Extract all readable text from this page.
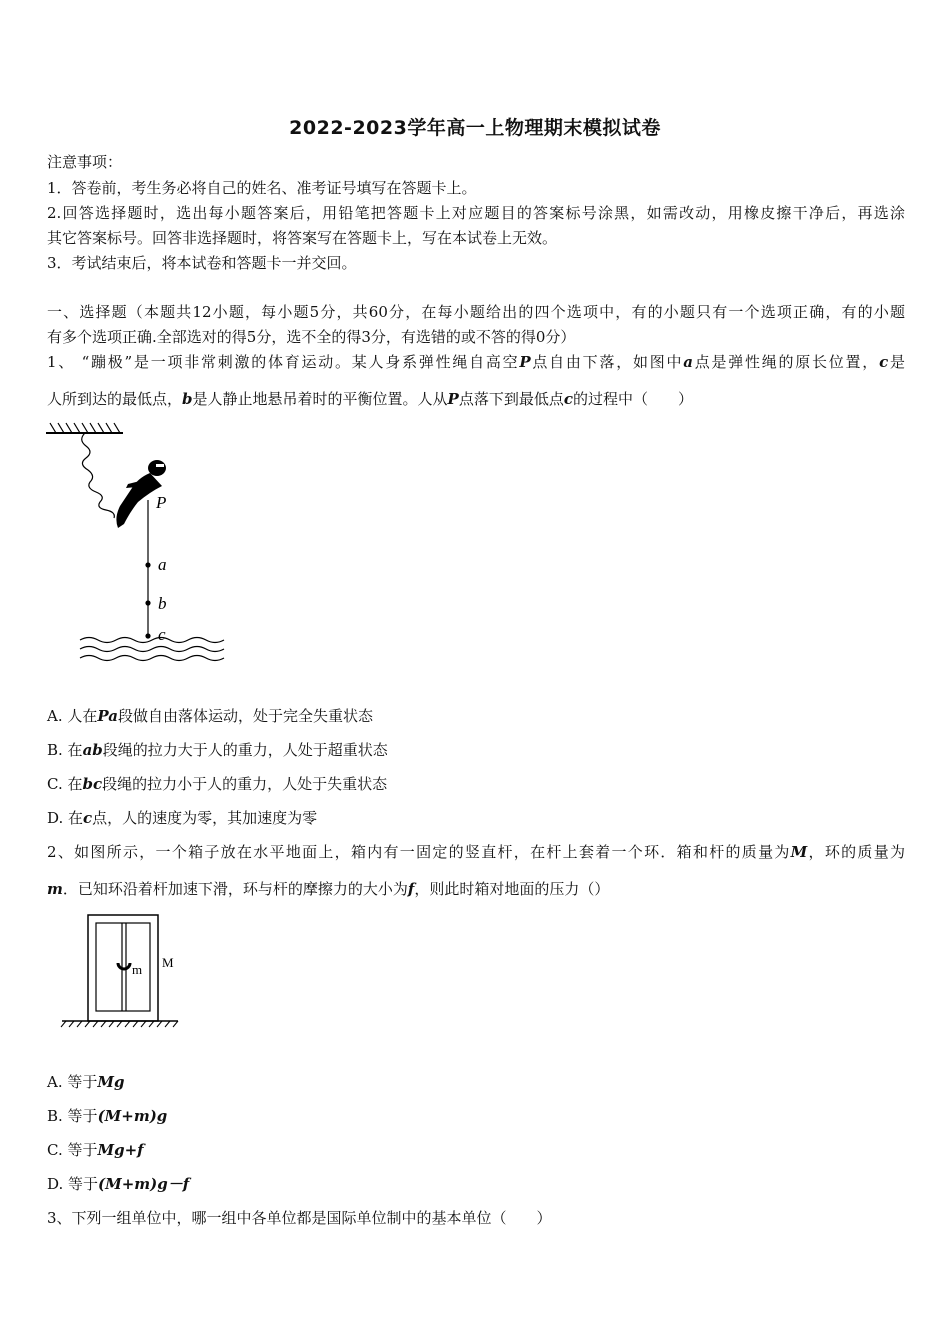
2022-2023学年高一上物理期末模拟试卷
注意事项：
1．答卷前，考生务必将自己的姓名、准考证号填写在答题卡上。
2.回答选择题时，选出每小题答案后，用铅笔把答题卡上对应题目的答案标号涂黑，如需改动，用橡皮擦干净后，再选涂
其它答案标号。回答非选择题时，将答案写在答题卡上，写在本试卷上无效。
3．考试结束后，将本试卷和答题卡一并交回。
一、选择题（本题共12小题，每小题5分，共60分，在每小题给出的四个选项中，有的小题只有一个选项正确，有的小题
有多个选项正确.全部选对的得5分，选不全的得3分，有选错的或不答的得0分）
1、 “蹦极”是一项非常刺激的体育运动。某人身系弹性绳自高空P点自由下落，如图中a点是弹性绳的原长位置，c是
人所到达的最低点，b是人静止地悬吊着时的平衡位置。人从P点落下到最低点c的过程中（　　）
P
a
b
c
A. 人在Pa段做自由落体运动，处于完全失重状态
B. 在ab段绳的拉力大于人的重力，人处于超重状态
C. 在bc段绳的拉力小于人的重力，人处于失重状态
D. 在c点，人的速度为零，其加速度为零
2、如图所示，一个箱子放在水平地面上，箱内有一固定的竖直杆，在杆上套着一个环．箱和杆的质量为M，环的质量为
m．已知环沿着杆加速下滑，环与杆的摩擦力的大小为f，则此时箱对地面的压力（）
m M
A. 等于Mg
B. 等于(M+m)g
C. 等于Mg+f
D. 等于(M+m)g－f
3、下列一组单位中，哪一组中各单位都是国际单位制中的基本单位（　　）
